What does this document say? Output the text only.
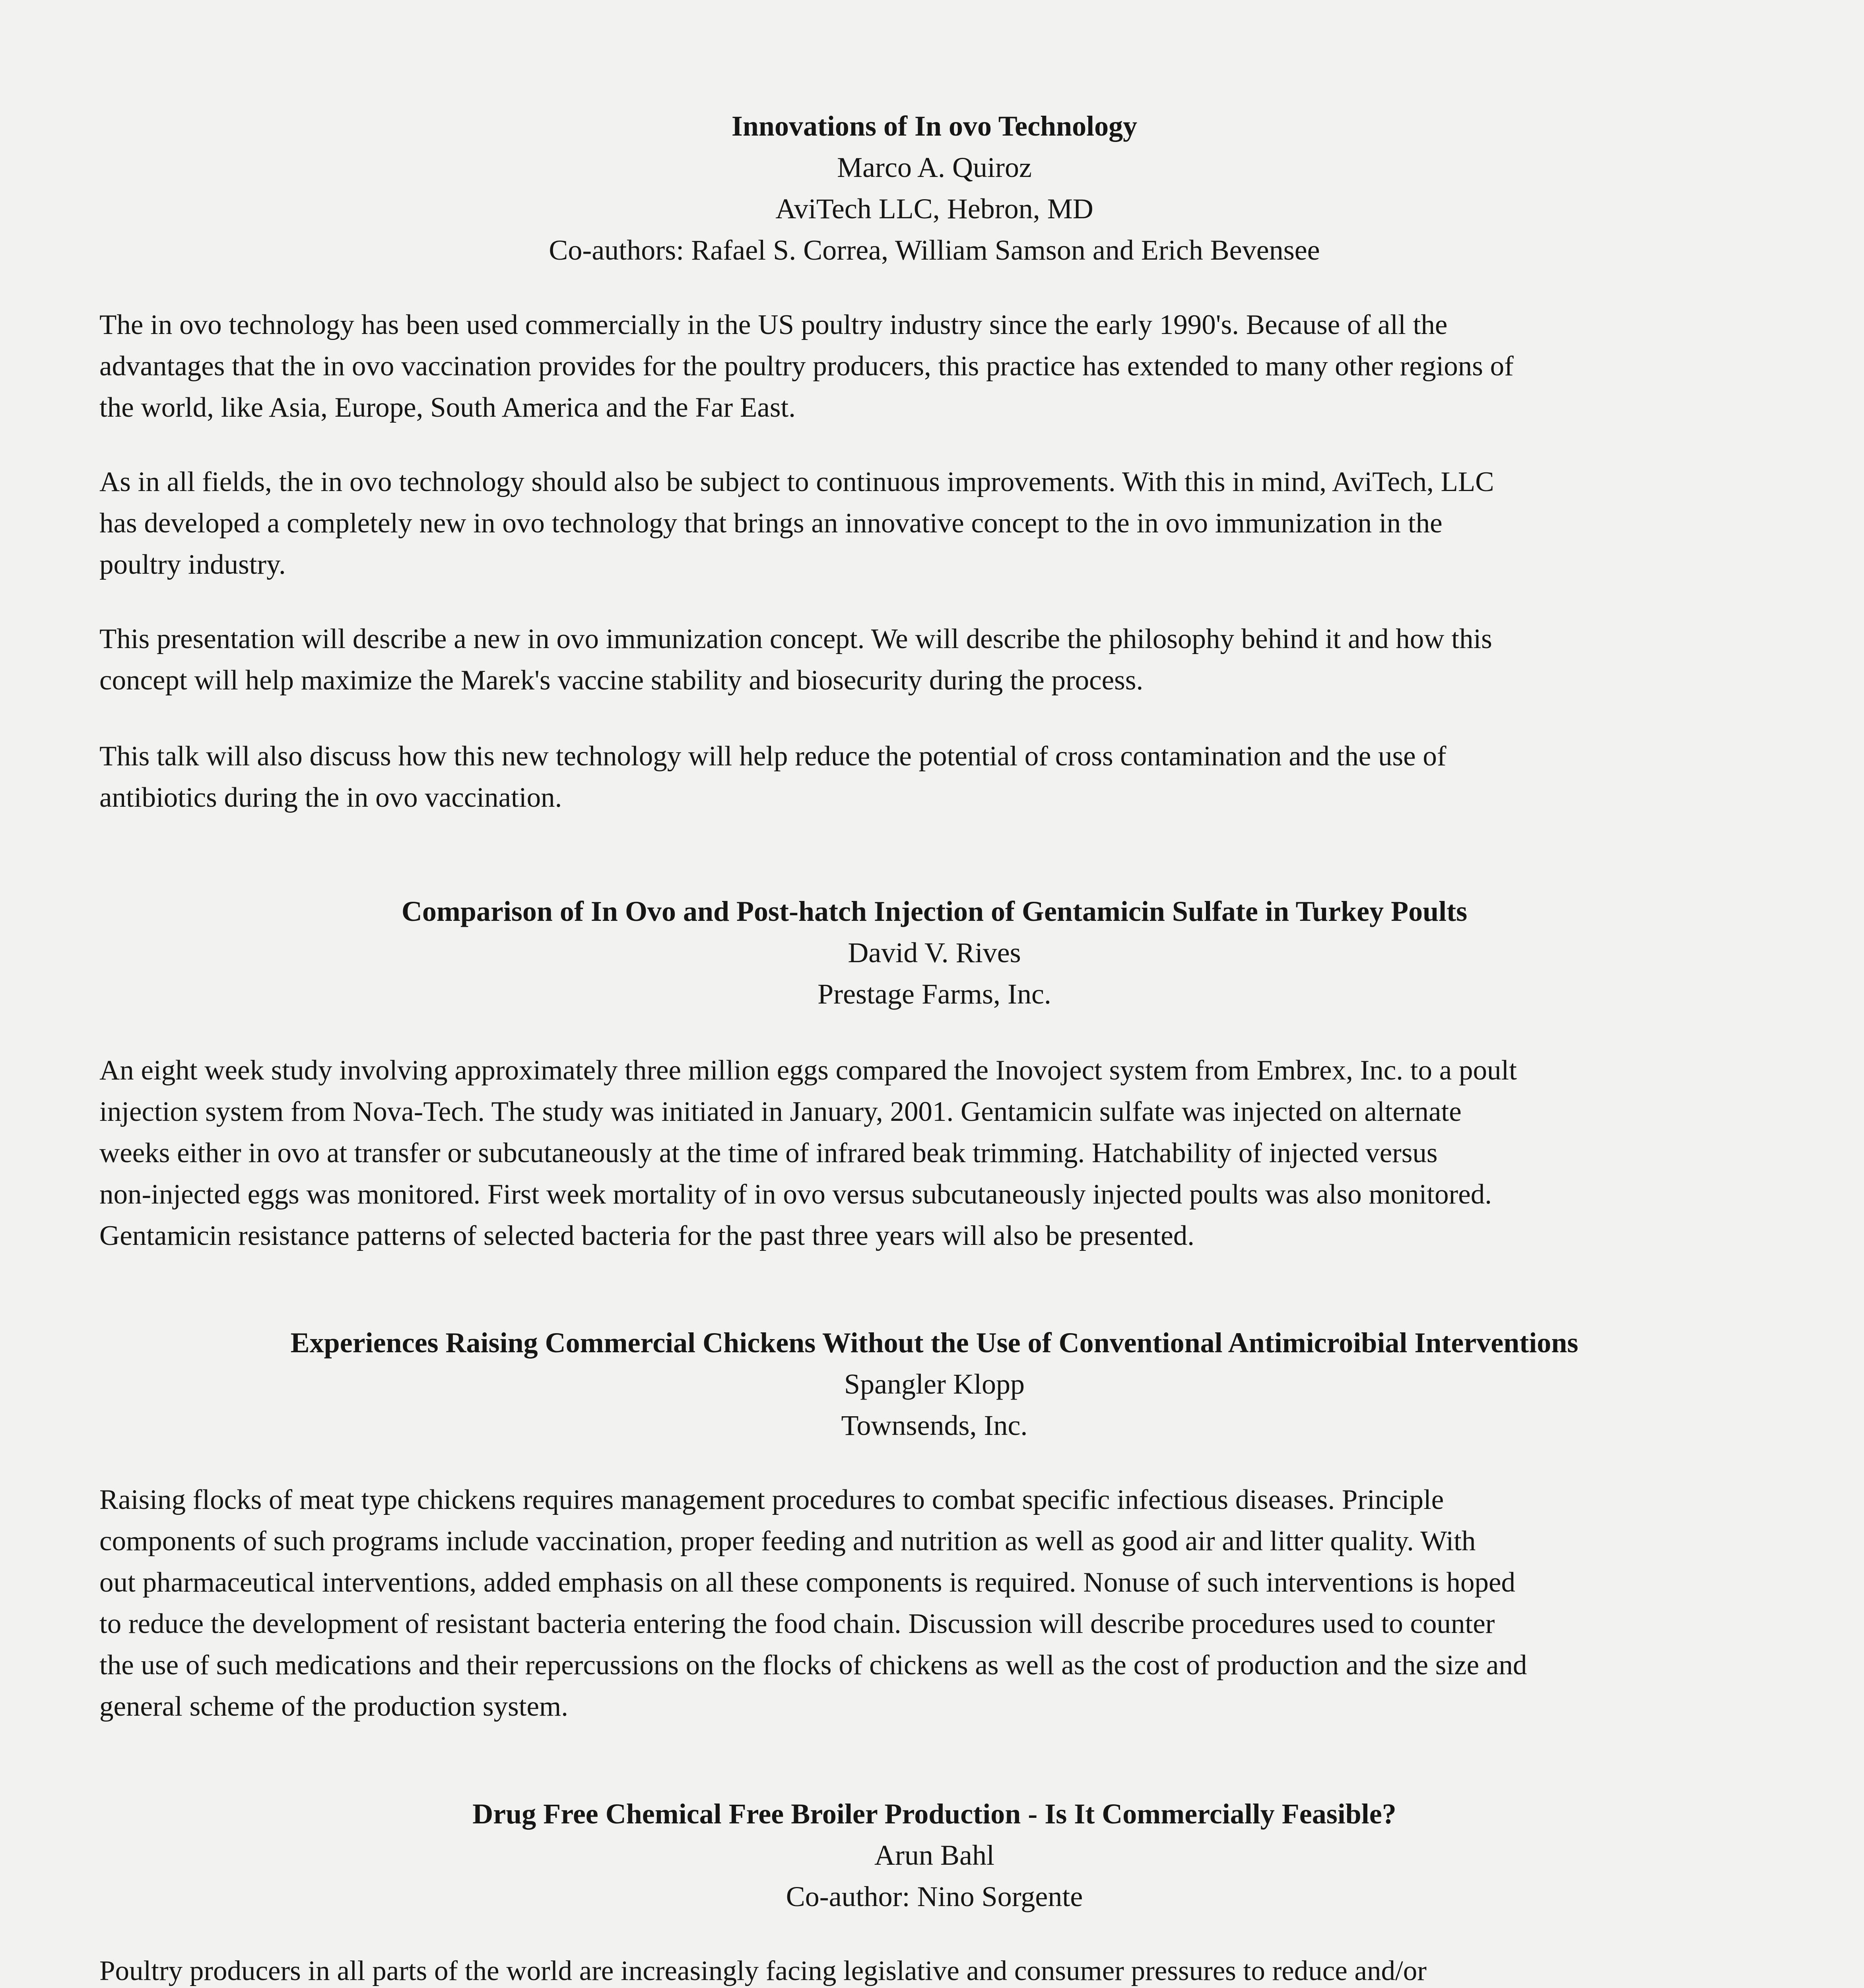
Innovations of In ovo Technology
Marco A. Quiroz
AviTech LLC, Hebron, MD
Co-authors: Rafael S. Correa, William Samson and Erich Bevensee

The in ovo technology has been used commercially in the US poultry industry since the early 1990's. Because of all the
advantages that the in ovo vaccination provides for the poultry producers, this practice has extended to many other regions of
the world, like Asia, Europe, South America and the Far East.

As in all fields, the in ovo technology should also be subject to continuous improvements. With this in mind, AviTech, LLC
has developed a completely new in ovo technology that brings an innovative concept to the in ovo immunization in the
poultry industry.

This presentation will describe a new in ovo immunization concept. We will describe the philosophy behind it and how this
concept will help maximize the Marek's vaccine stability and biosecurity during the process.

This talk will also discuss how this new technology will help reduce the potential of cross contamination and the use of
antibiotics during the in ovo vaccination.

Comparison of In Ovo and Post-hatch Injection of Gentamicin Sulfate in Turkey Poults
David V. Rives
Prestage Farms, Inc.

An eight week study involving approximately three million eggs compared the Inovoject system from Embrex, Inc. to a poult
injection system from Nova-Tech. The study was initiated in January, 2001. Gentamicin sulfate was injected on alternate
weeks either in ovo at transfer or subcutaneously at the time of infrared beak trimming. Hatchability of injected versus
non-injected eggs was monitored. First week mortality of in ovo versus subcutaneously injected poults was also monitored.
Gentamicin resistance patterns of selected bacteria for the past three years will also be presented.

Experiences Raising Commercial Chickens Without the Use of Conventional Antimicroibial Interventions
Spangler Klopp
Townsends, Inc.

Raising flocks of meat type chickens requires management procedures to combat specific infectious diseases. Principle
components of such programs include vaccination, proper feeding and nutrition as well as good air and litter quality. With
out pharmaceutical interventions, added emphasis on all these components is required. Nonuse of such interventions is hoped
to reduce the development of resistant bacteria entering the food chain. Discussion will describe procedures used to counter
the use of such medications and their repercussions on the flocks of chickens as well as the cost of production and the size and
general scheme of the production system.

Drug Free Chemical Free Broiler Production - Is It Commercially Feasible?
Arun Bahl
Co-author: Nino Sorgente

Poultry producers in all parts of the world are increasingly facing legislative and consumer pressures to reduce and/or
